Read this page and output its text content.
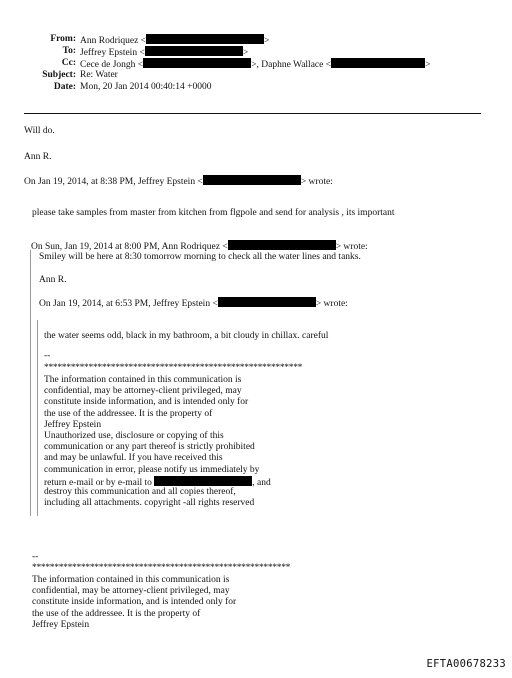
From: Ann Rodriquez <	>
To: Jeffrey Epstein <	>
Cc: Cece de Jongh <	>, Daphne Wallace <	>
Subject: Re: Water
Date: Mon, 20 Jan 2014 00:40:14 +0000
Will do.
Ann R.
On Jan 19, 2014, at 8:38 PM, Jeffrey Epstein <	> wrote:
please take samples from master from kitchen from flgpole and send for analysis , its important
On Sun, Jan 19, 2014 at 8:00 PM, Ann Rodriquez <	> wrote:
Smiley will be here at 8:30 tomorrow morning to check all the water lines and tanks.
Ann R.
On Jan 19, 2014, at 6:53 PM, Jeffrey Epstein <	> wrote:
the water seems odd, black in my bathroom, a bit cloudy in chillax. careful
--
**********************************************************
The information contained in this communication is
confidential, may be attorney-client privileged, may
constitute inside information, and is intended only for
the use of the addressee. It is the property of
Jeffrey Epstein
Unauthorized use, disclosure or copying of this
communication or any part thereof is strictly prohibited
and may be unlawful. If you have received this
communication in error, please notify us immediately by
return e-mail or by e-mail to	, and
destroy this communication and all copies thereof,
including all attachments. copyright -all rights reserved
--
**********************************************************
The information contained in this communication is
confidential, may be attorney-client privileged, may
constitute inside information, and is intended only for
the use of the addressee. It is the property of
Jeffrey Epstein
EFTA00678233
